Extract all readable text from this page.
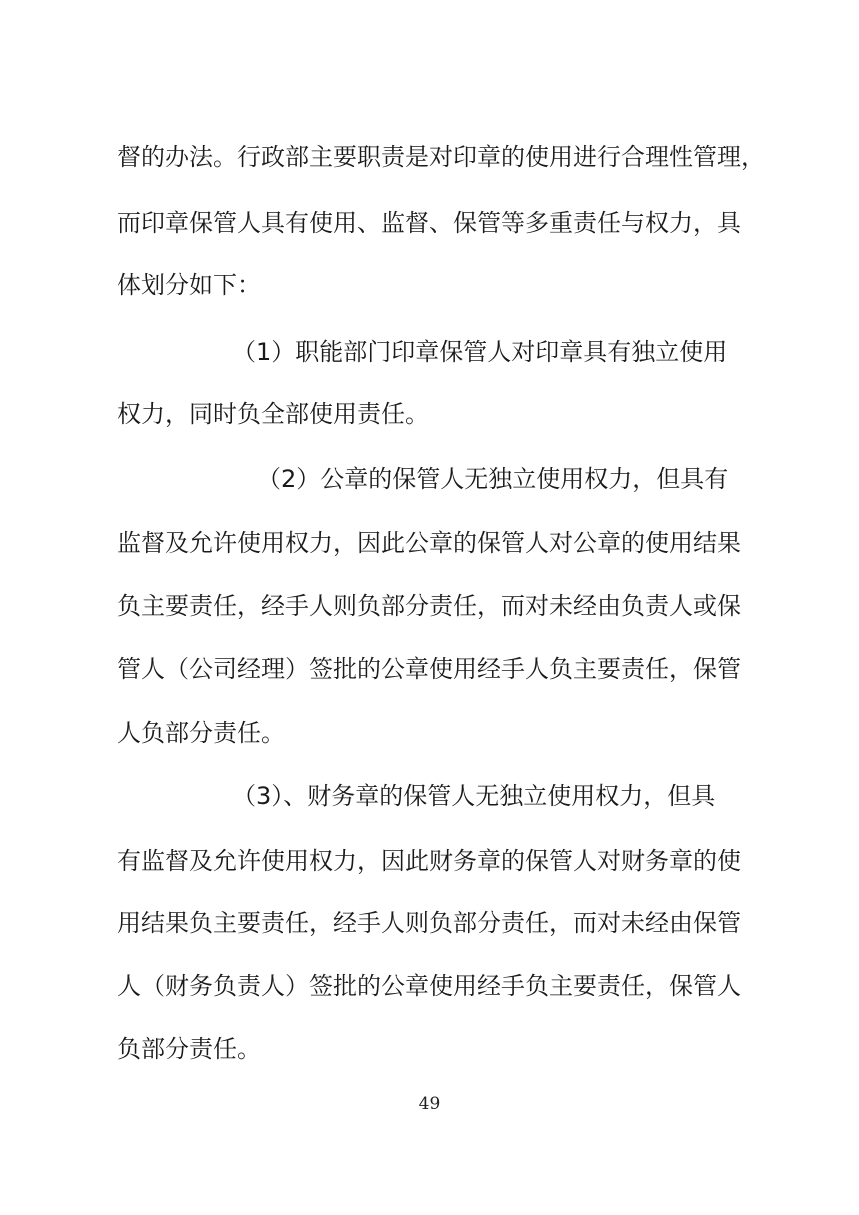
督的办法。行政部主要职责是对印章的使用进行合理性管理，
而印章保管人具有使用、监督、保管等多重责任与权力，具
体划分如下：
（1）职能部门印章保管人对印章具有独立使用
权力，同时负全部使用责任。
（2）公章的保管人无独立使用权力，但具有
监督及允许使用权力，因此公章的保管人对公章的使用结果
负主要责任，经手人则负部分责任，而对未经由负责人或保
管人（公司经理）签批的公章使用经手人负主要责任，保管
人负部分责任。
（3）、财务章的保管人无独立使用权力，但具
有监督及允许使用权力，因此财务章的保管人对财务章的使
用结果负主要责任，经手人则负部分责任，而对未经由保管
人（财务负责人）签批的公章使用经手负主要责任，保管人
负部分责任。
49
